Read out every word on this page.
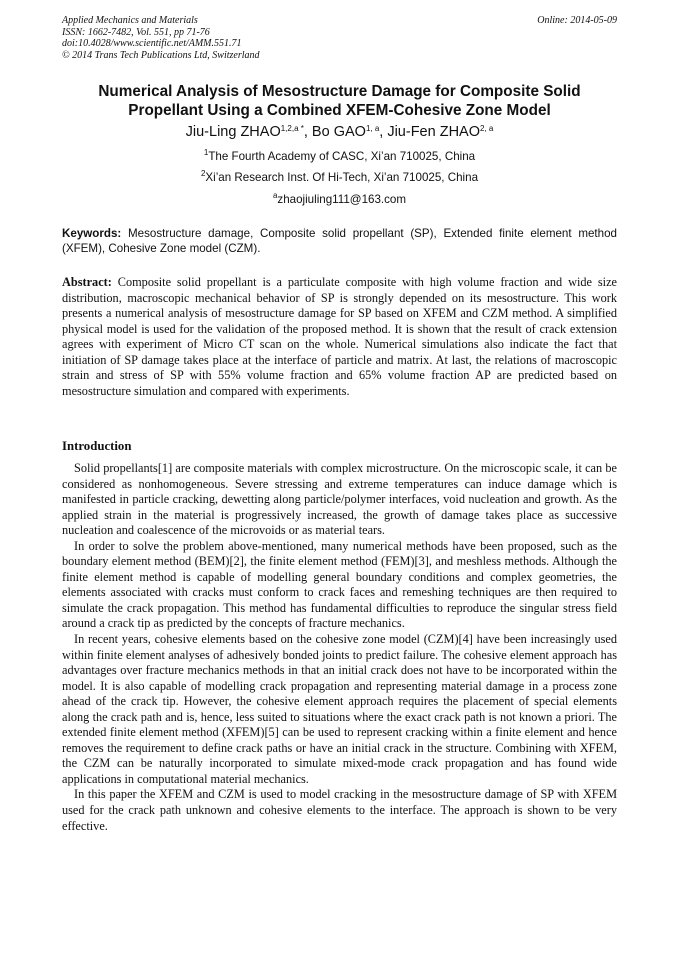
Applied Mechanics and Materials
ISSN: 1662-7482, Vol. 551, pp 71-76
doi:10.4028/www.scientific.net/AMM.551.71
© 2014 Trans Tech Publications Ltd, Switzerland
Online: 2014-05-09
Numerical Analysis of Mesostructure Damage for Composite Solid
Propellant Using a Combined XFEM-Cohesive Zone Model
Jiu-Ling $ZHAO^{1,2,a *}$, Bo GAO$^{1, a}$, Jiu-Fen ZHAO$^{2, a}$
$^1$The Fourth Academy of CASC, Xi’an 710025, China
$^2$Xi’an Research Inst. Of Hi-Tech, Xi’an 710025, China
$^a$zhaojiuling111@163.com
Keywords: Mesostructure damage, Composite solid propellant (SP), Extended finite element method (XFEM), Cohesive Zone model (CZM).
Abstract: Composite solid propellant is a particulate composite with high volume fraction and wide size distribution, macroscopic mechanical behavior of SP is strongly depended on its mesostructure. This work presents a numerical analysis of mesostructure damage for SP based on XFEM and CZM method. A simplified physical model is used for the validation of the proposed method. It is shown that the result of crack extension agrees with experiment of Micro CT scan on the whole. Numerical simulations also indicate the fact that initiation of SP damage takes place at the interface of particle and matrix. At last, the relations of macroscopic strain and stress of SP with 55% volume fraction and 65% volume fraction AP are predicted based on mesostructure simulation and compared with experiments.
Introduction

Solid propellants[1] are composite materials with complex microstructure. On the microscopic scale, it can be considered as nonhomogeneous. Severe stressing and extreme temperatures can induce damage which is manifested in particle cracking, dewetting along particle/polymer interfaces, void nucleation and growth. As the applied strain in the material is progressively increased, the growth of damage takes place as successive nucleation and coalescence of the microvoids or as material tears.

In order to solve the problem above-mentioned, many numerical methods have been proposed, such as the boundary element method (BEM)[2], the finite element method (FEM)[3], and meshless methods. Although the finite element method is capable of modelling general boundary conditions and complex geometries, the elements associated with cracks must conform to crack faces and remeshing techniques are then required to simulate the crack propagation. This method has fundamental difficulties to reproduce the singular stress field around a crack tip as predicted by the concepts of fracture mechanics.

In recent years, cohesive elements based on the cohesive zone model (CZM)[4] have been increasingly used within finite element analyses of adhesively bonded joints to predict failure. The cohesive element approach has advantages over fracture mechanics methods in that an initial crack does not have to be incorporated within the model. It is also capable of modelling crack propagation and representing material damage in a process zone ahead of the crack tip. However, the cohesive element approach requires the placement of special elements along the crack path and is, hence, less suited to situations where the exact crack path is not known a priori. The extended finite element method (XFEM)[5] can be used to represent cracking within a finite element and hence removes the requirement to define crack paths or have an initial crack in the structure. Combining with XFEM, the CZM can be naturally incorporated to simulate mixed-mode crack propagation and has found wide applications in computational material mechanics.

In this paper the XFEM and CZM is used to model cracking in the mesostructure damage of SP with XFEM used for the crack path unknown and cohesive elements to the interface. The approach is shown to be very effective.
